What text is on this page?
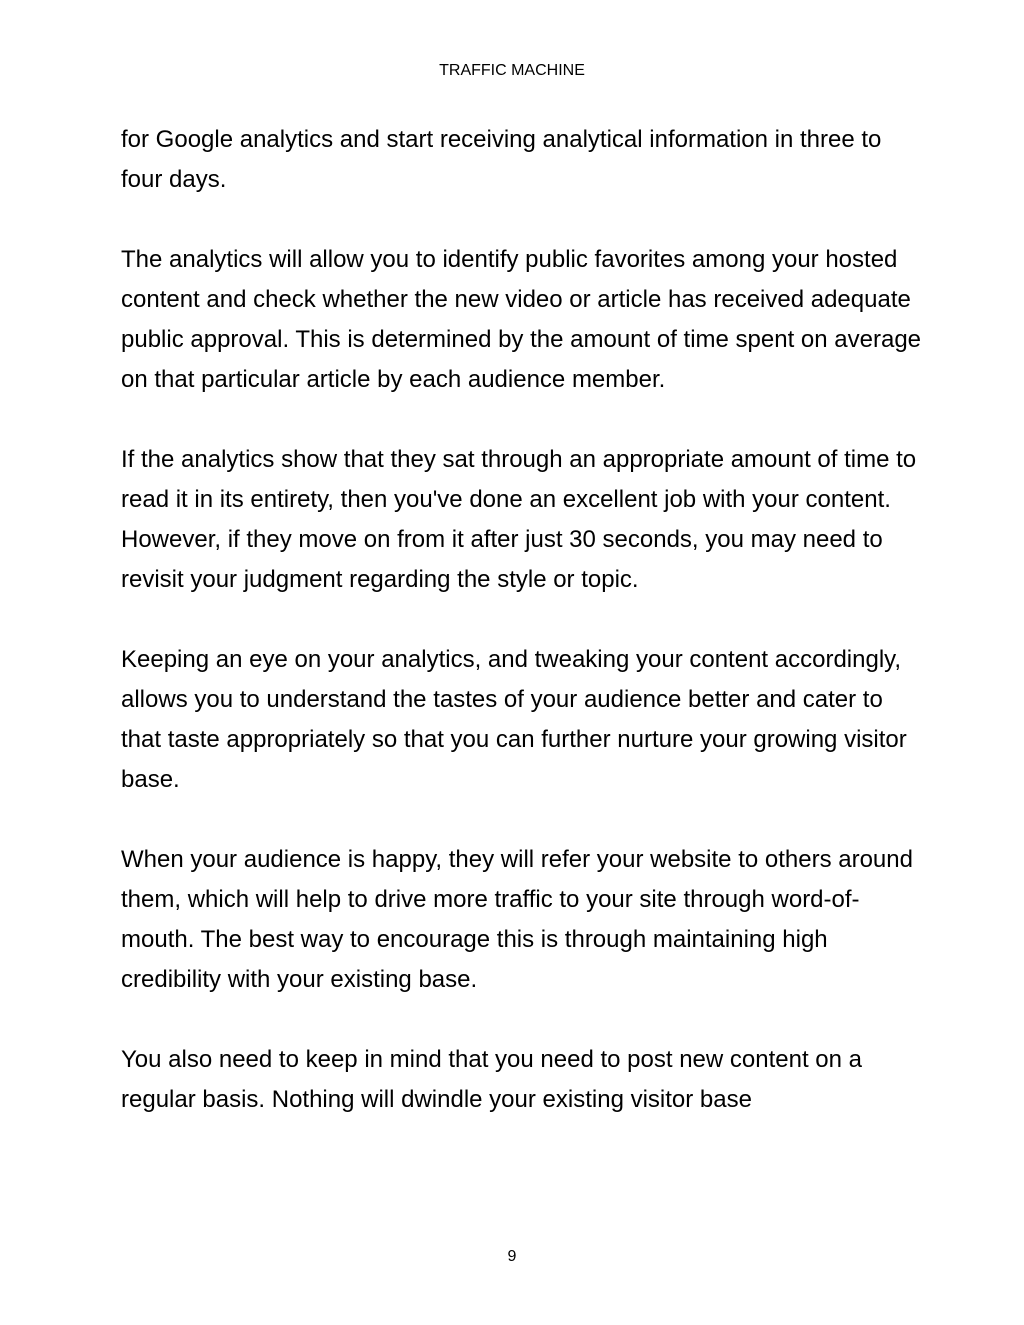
TRAFFIC MACHINE

for Google analytics and start receiving analytical information in three to four days.

The analytics will allow you to identify public favorites among your hosted content and check whether the new video or article has received adequate public approval. This is determined by the amount of time spent on average on that particular article by each audience member.

If the analytics show that they sat through an appropriate amount of time to read it in its entirety, then you've done an excellent job with your content. However, if they move on from it after just 30 seconds, you may need to revisit your judgment regarding the style or topic.

Keeping an eye on your analytics, and tweaking your content accordingly, allows you to understand the tastes of your audience better and cater to that taste appropriately so that you can further nurture your growing visitor base.

When your audience is happy, they will refer your website to others around them, which will help to drive more traffic to your site through word-of-mouth. The best way to encourage this is through maintaining high credibility with your existing base.

You also need to keep in mind that you need to post new content on a regular basis. Nothing will dwindle your existing visitor base

9
